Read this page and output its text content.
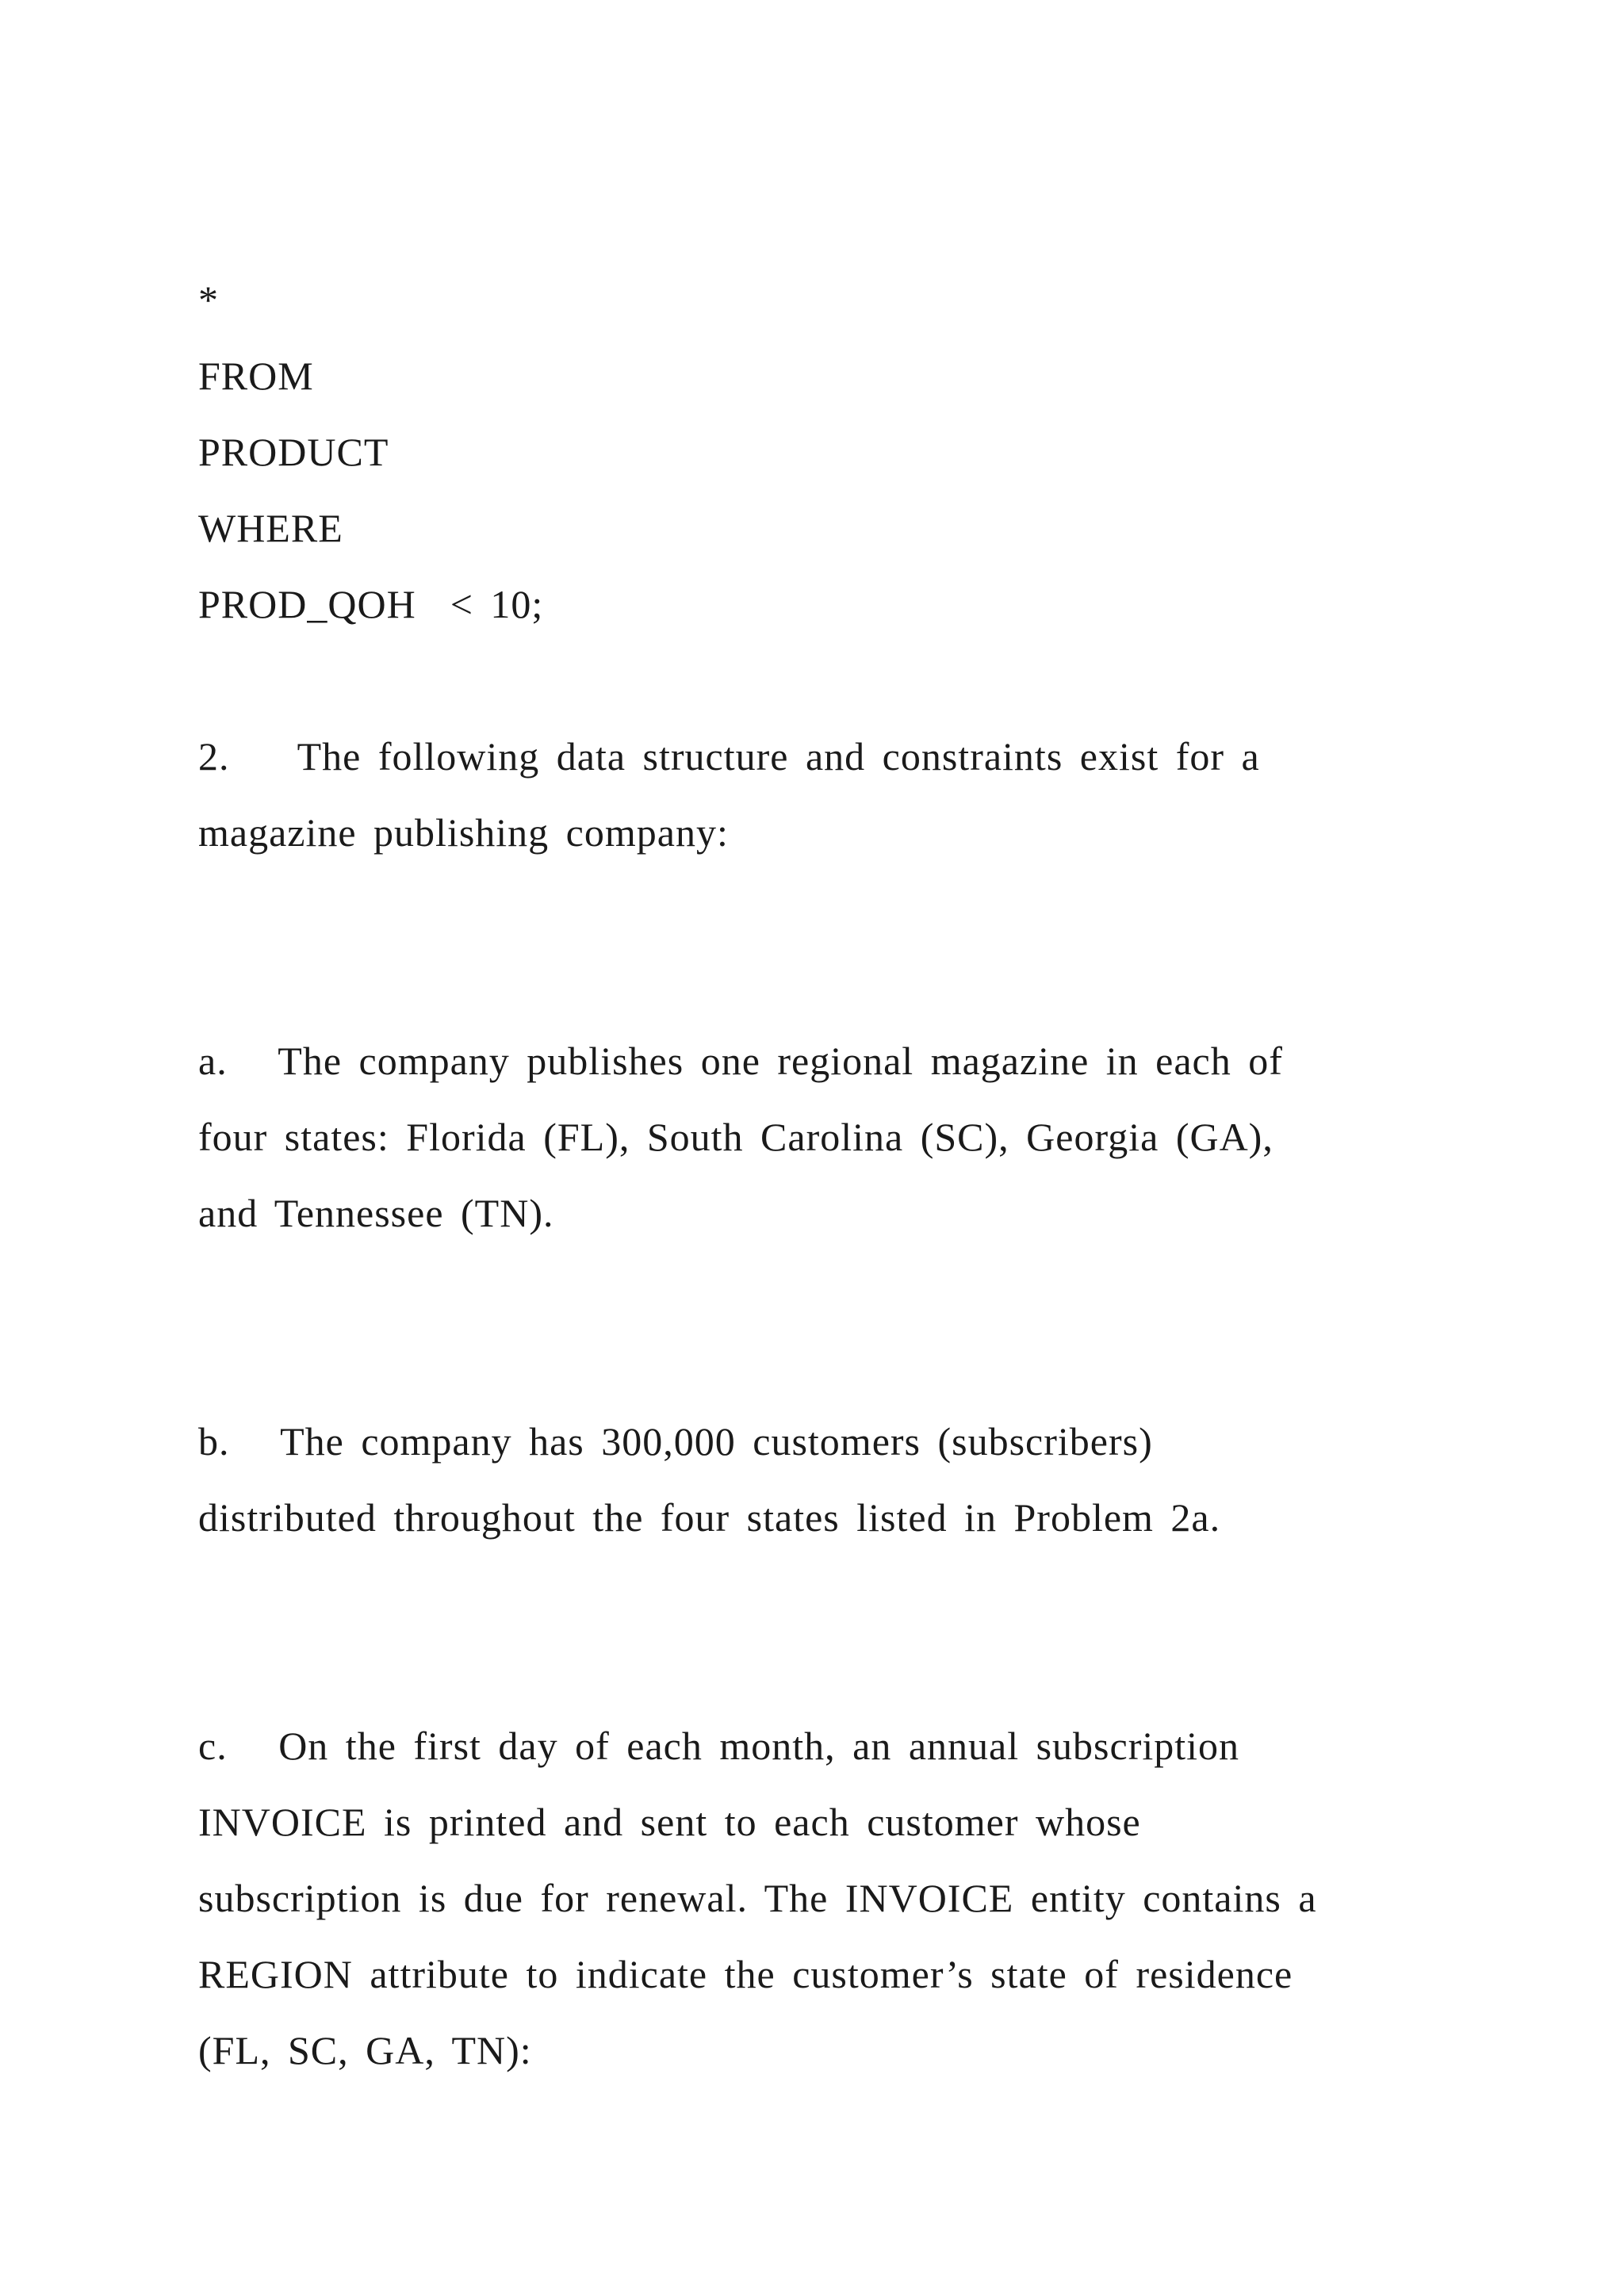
*
FROM
PRODUCT
WHERE
PROD_QOH  < 10;
2.    The following data structure and constraints exist for a
magazine publishing company:
a.   The company publishes one regional magazine in each of
four states: Florida (FL), South Carolina (SC), Georgia (GA),
and Tennessee (TN).
b.   The company has 300,000 customers (subscribers)
distributed throughout the four states listed in Problem 2a.
c.   On the first day of each month, an annual subscription
INVOICE is printed and sent to each customer whose
subscription is due for renewal. The INVOICE entity contains a
REGION attribute to indicate the customer’s state of residence
(FL, SC, GA, TN):
